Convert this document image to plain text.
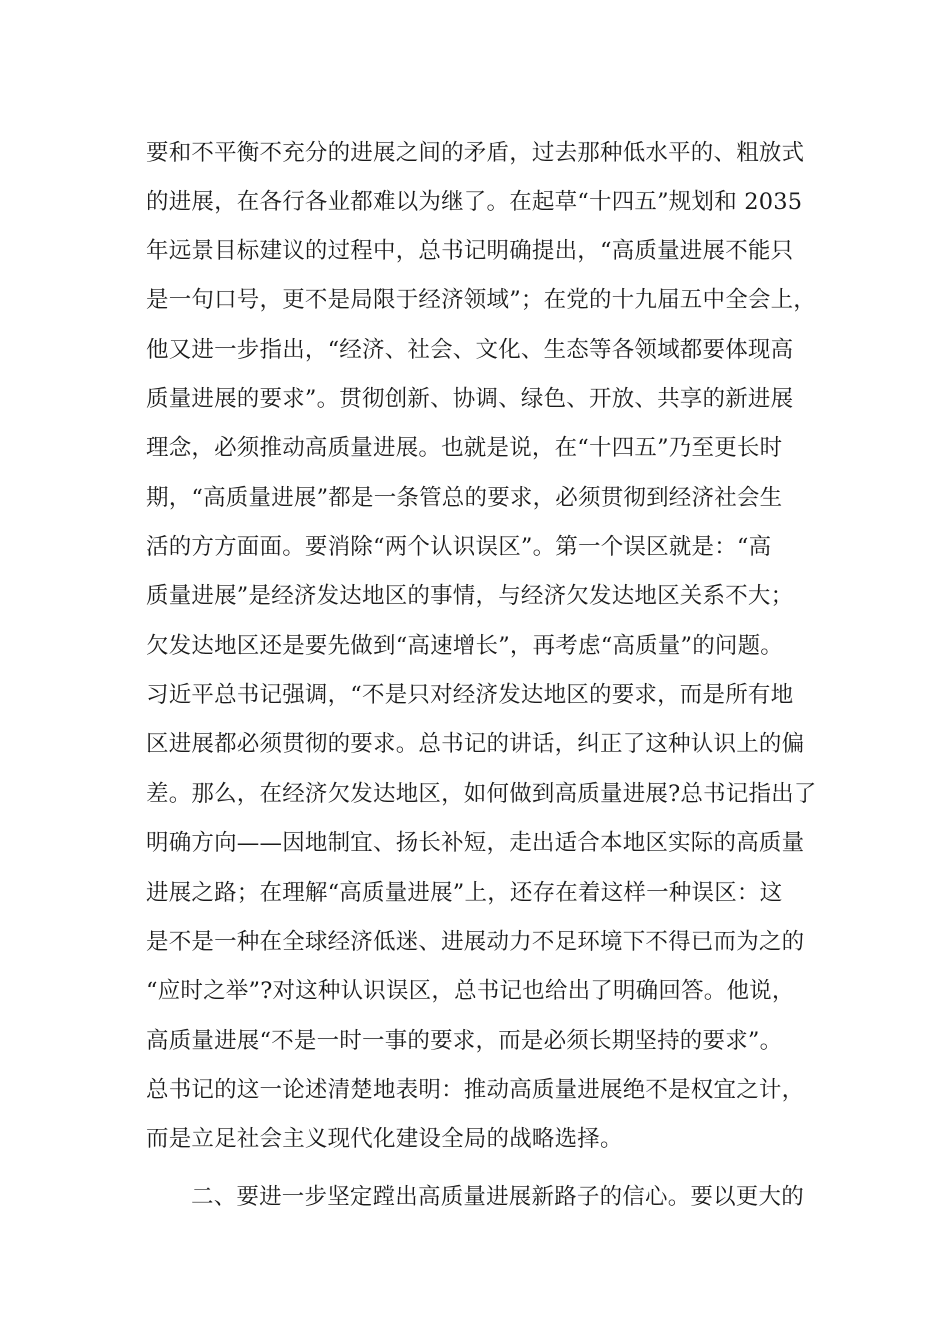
要和不平衡不充分的进展之间的矛盾，过去那种低水平的、粗放式
的进展，在各行各业都难以为继了。在起草“十四五”规划和 2035
年远景目标建议的过程中，总书记明确提出，“高质量进展不能只
是一句口号，更不是局限于经济领域”；在党的十九届五中全会上，
他又进一步指出，“经济、社会、文化、生态等各领域都要体现高
质量进展的要求”。贯彻创新、协调、绿色、开放、共享的新进展
理念，必须推动高质量进展。也就是说，在“十四五”乃至更长时
期，“高质量进展”都是一条管总的要求，必须贯彻到经济社会生
活的方方面面。要消除“两个认识误区”。第一个误区就是：“高
质量进展”是经济发达地区的事情，与经济欠发达地区关系不大；
欠发达地区还是要先做到“高速增长”，再考虑“高质量”的问题。
习近平总书记强调，“不是只对经济发达地区的要求，而是所有地
区进展都必须贯彻的要求。总书记的讲话，纠正了这种认识上的偏
差。那么，在经济欠发达地区，如何做到高质量进展?总书记指出了
明确方向——因地制宜、扬长补短，走出适合本地区实际的高质量
进展之路；在理解“高质量进展”上，还存在着这样一种误区：这
是不是一种在全球经济低迷、进展动力不足环境下不得已而为之的
“应时之举”?对这种认识误区，总书记也给出了明确回答。他说，
高质量进展“不是一时一事的要求，而是必须长期坚持的要求”。
总书记的这一论述清楚地表明：推动高质量进展绝不是权宜之计，
而是立足社会主义现代化建设全局的战略选择。
二、要进一步坚定蹚出高质量进展新路子的信心。要以更大的
